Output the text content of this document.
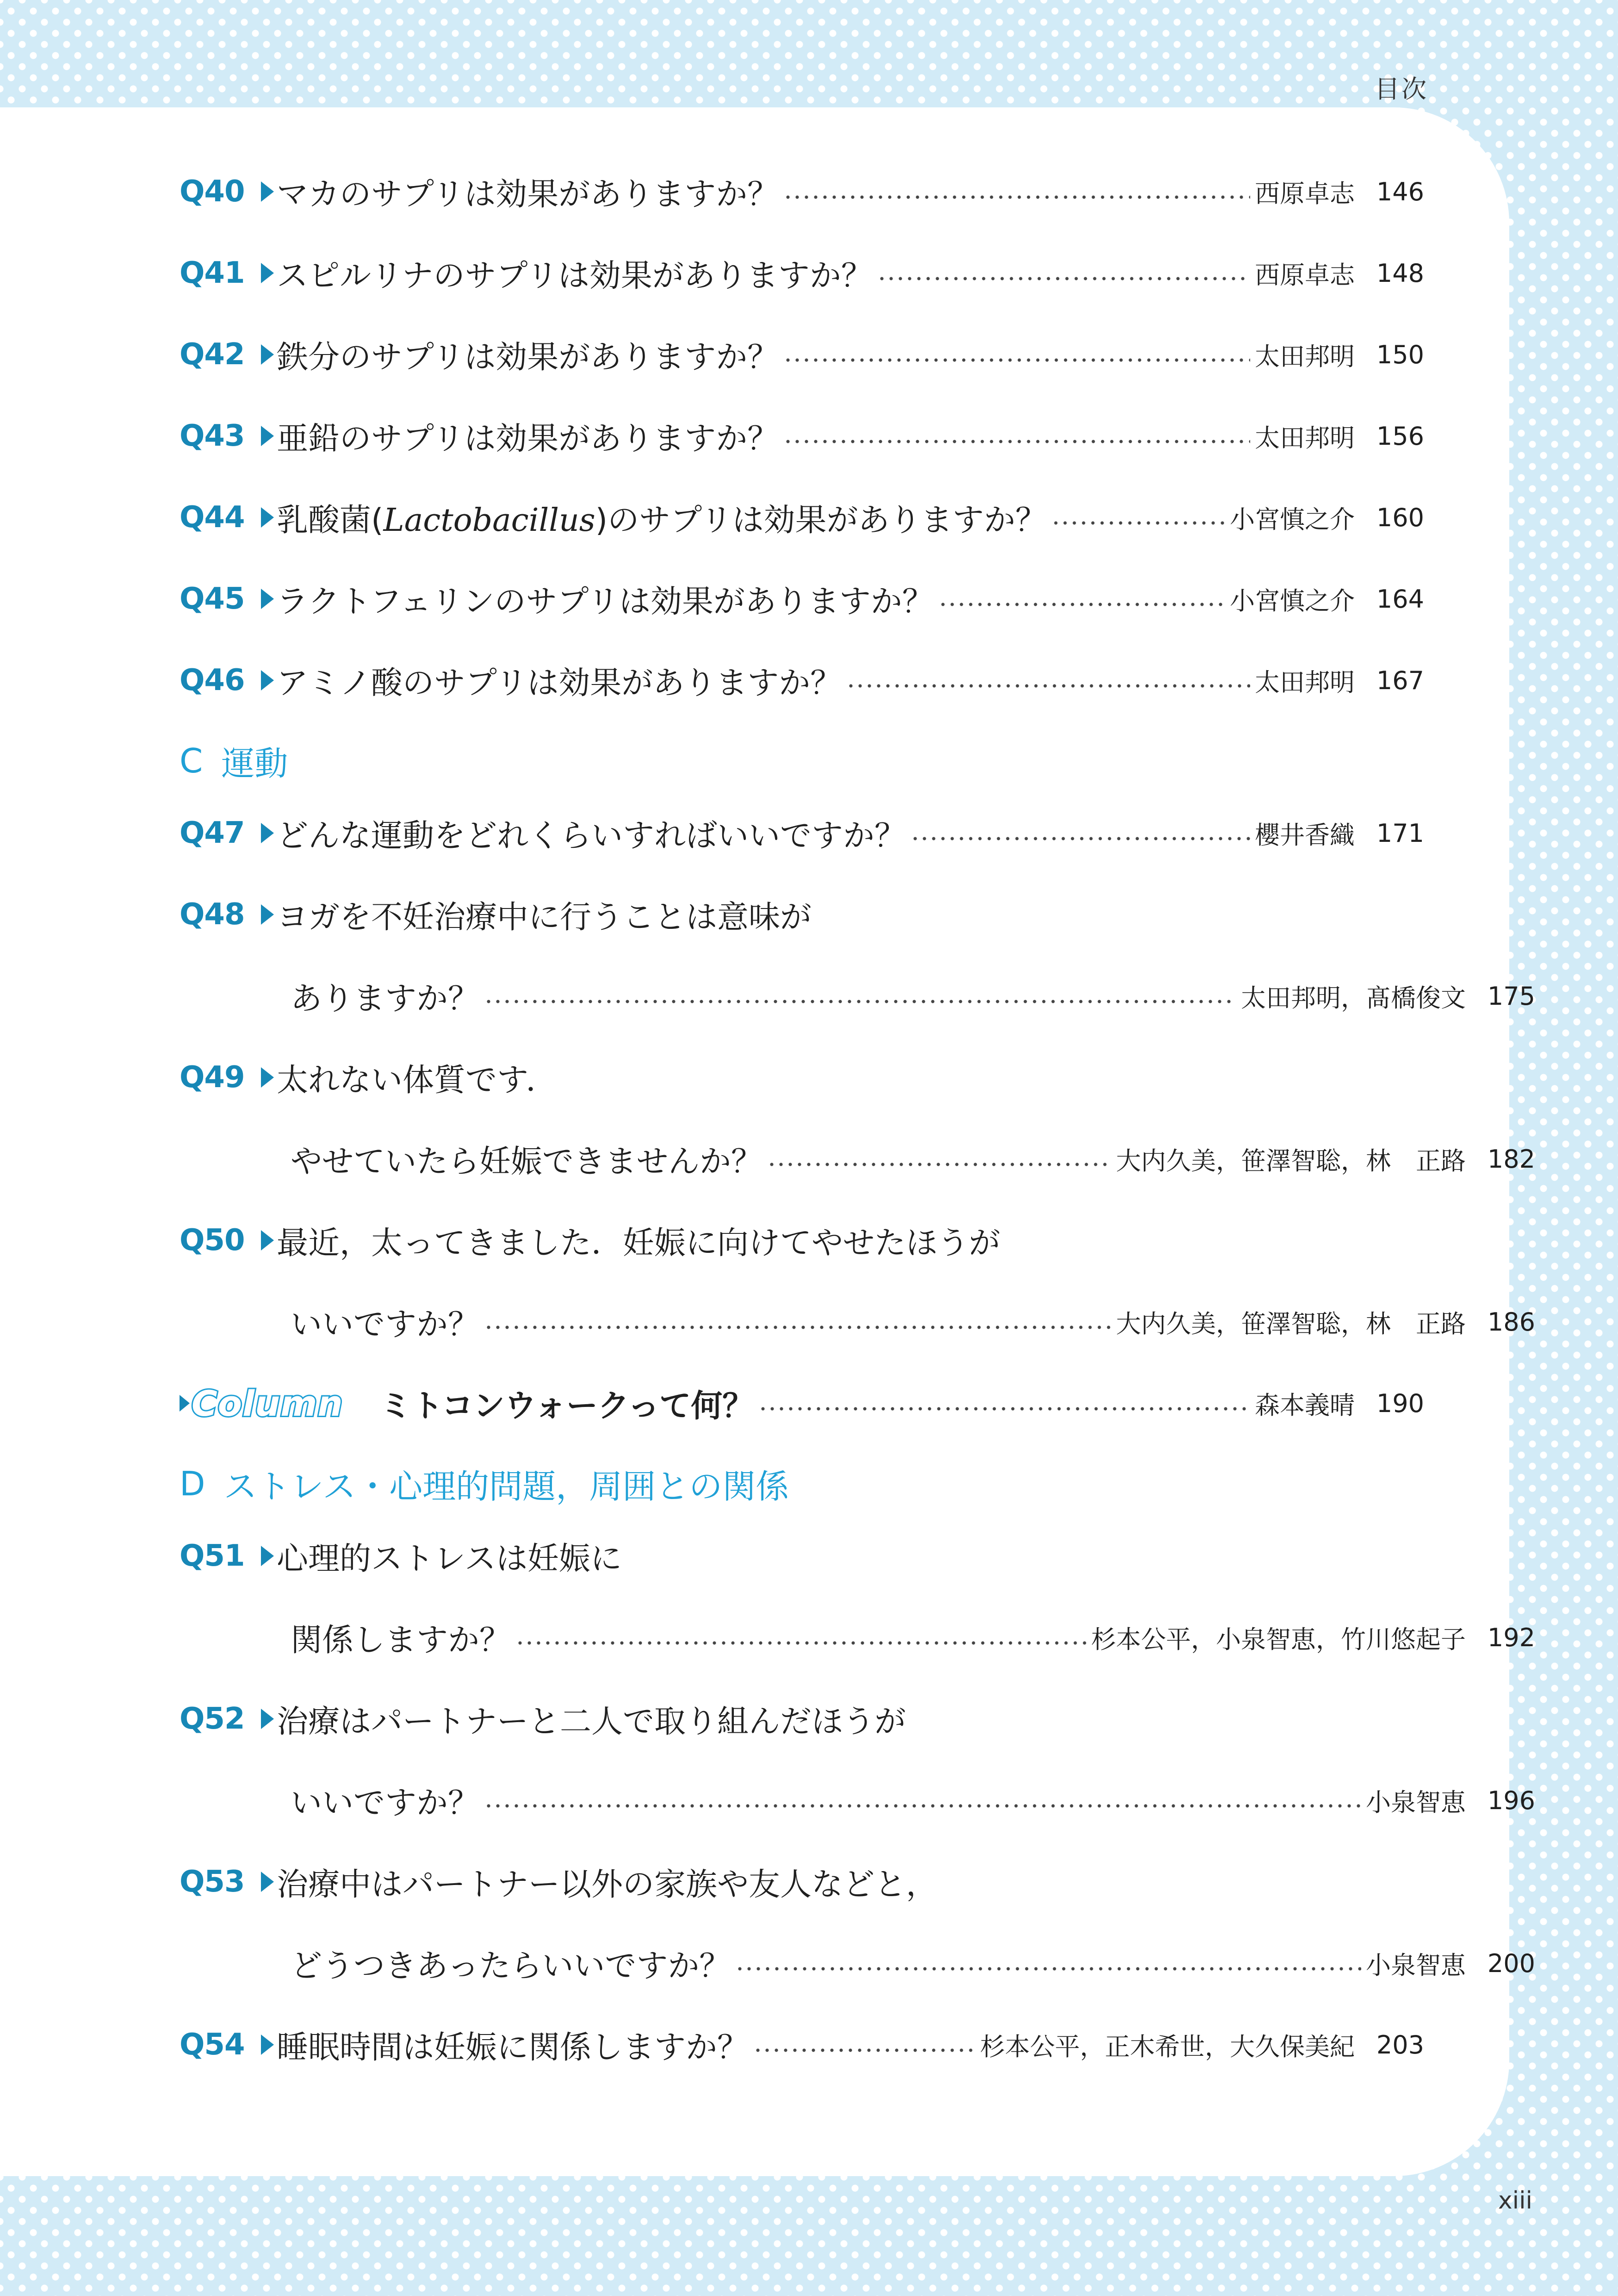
目次
Q40	マカのサプリは効果がありますか？	西原卓志 146
Q41	スピルリナのサプリは効果がありますか？	西原卓志 148
Q42	鉄分のサプリは効果がありますか？	太田邦明 150
Q43	亜鉛のサプリは効果がありますか？	太田邦明 156
Q44	乳酸菌(Lactobacillus)のサプリは効果がありますか？	小宮慎之介 160
Q45	ラクトフェリンのサプリは効果がありますか？	小宮慎之介 164
Q46	アミノ酸のサプリは効果がありますか？	太田邦明 167
C 運動
Q47	どんな運動をどれくらいすればいいですか？	櫻井香織 171
Q48	ヨガを不妊治療中に行うことは意味が
ありますか？	太田邦明，髙橋俊文 175
Q49	太れない体質です．
やせていたら妊娠できませんか？	大内久美，笹澤智聡，林　正路 182
Q50	最近，太ってきました．妊娠に向けてやせたほうが
いいですか？	大内久美，笹澤智聡，林　正路 186
Column ミトコンウォークって何？	森本義晴 190
D ストレス・心理的問題，周囲との関係
Q51	心理的ストレスは妊娠に
関係しますか？	杉本公平，小泉智恵，竹川悠起子 192
Q52	治療はパートナーと二人で取り組んだほうが
いいですか？	小泉智恵 196
Q53	治療中はパートナー以外の家族や友人などと，
どうつきあったらいいですか？	小泉智恵 200
Q54	睡眠時間は妊娠に関係しますか？	杉本公平，正木希世，大久保美紀 203
xiii
